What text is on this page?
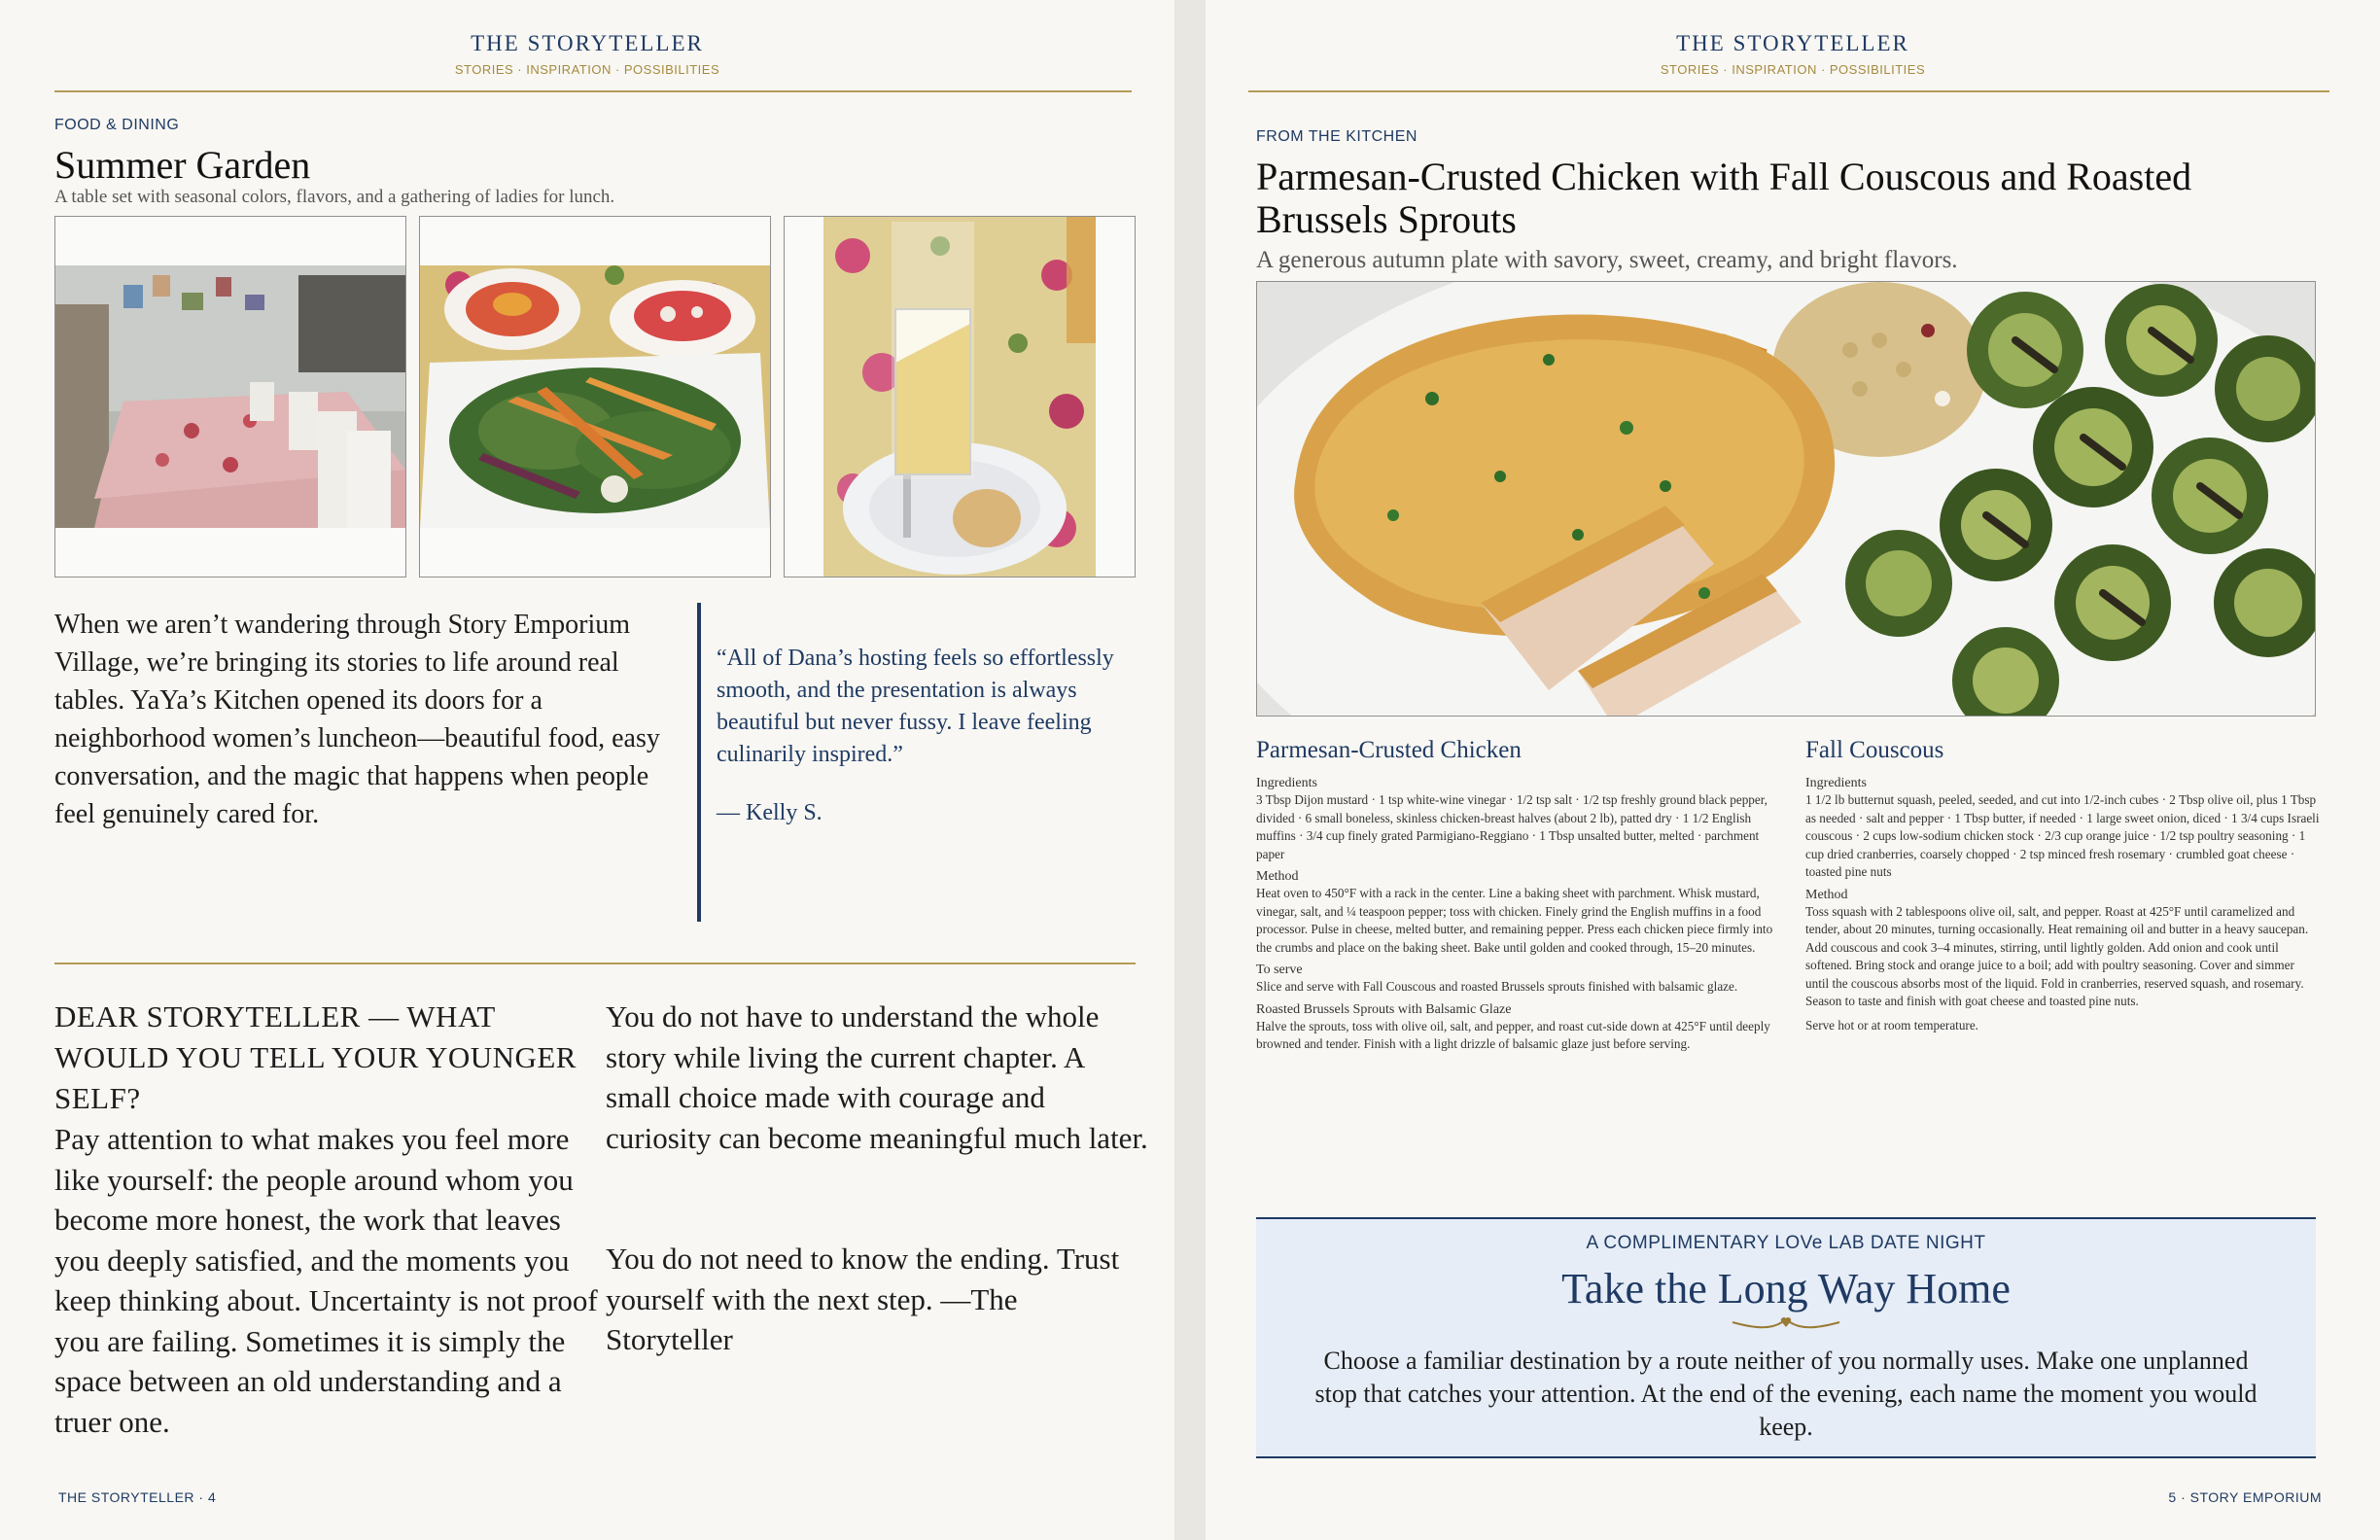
THE STORYTELLER
STORIES · INSPIRATION · POSSIBILITIES
FOOD & DINING
Summer Garden
A table set with seasonal colors, flavors, and a gathering of ladies for lunch.
When we aren’t wandering through Story Emporium Village, we’re bringing its stories to life around real tables. YaYa’s Kitchen opened its doors for a neighborhood women’s luncheon—beautiful food, easy conversation, and the magic that happens when people feel genuinely cared for.
“All of Dana’s hosting feels so effortlessly smooth, and the presentation is always beautiful but never fussy. I leave feeling culinarily inspired.”
— Kelly S.
DEAR STORYTELLER — WHAT WOULD YOU TELL YOUR YOUNGER SELF?
Pay attention to what makes you feel more like yourself: the people around whom you become more honest, the work that leaves you deeply satisfied, and the moments you keep thinking about. Uncertainty is not proof you are failing. Sometimes it is simply the space between an old understanding and a truer one.
You do not have to understand the whole story while living the current chapter. A small choice made with courage and curiosity can become meaningful much later.
You do not need to know the ending. Trust yourself with the next step. —The Storyteller
THE STORYTELLER · 4
THE STORYTELLER
STORIES · INSPIRATION · POSSIBILITIES
FROM THE KITCHEN
Parmesan-Crusted Chicken with Fall Couscous and Roasted Brussels Sprouts
A generous autumn plate with savory, sweet, creamy, and bright flavors.
Parmesan-Crusted Chicken
Ingredients
3 Tbsp Dijon mustard · 1 tsp white-wine vinegar · 1/2 tsp salt · 1/2 tsp freshly ground black pepper, divided · 6 small boneless, skinless chicken-breast halves (about 2 lb), patted dry · 1 1/2 English muffins · 3/4 cup finely grated Parmigiano-Reggiano · 1 Tbsp unsalted butter, melted · parchment paper
Method
Heat oven to 450°F with a rack in the center. Line a baking sheet with parchment. Whisk mustard, vinegar, salt, and ¼ teaspoon pepper; toss with chicken. Finely grind the English muffins in a food processor. Pulse in cheese, melted butter, and remaining pepper. Press each chicken piece firmly into the crumbs and place on the baking sheet. Bake until golden and cooked through, 15–20 minutes.
To serve
Slice and serve with Fall Couscous and roasted Brussels sprouts finished with balsamic glaze.
Roasted Brussels Sprouts with Balsamic Glaze
Halve the sprouts, toss with olive oil, salt, and pepper, and roast cut-side down at 425°F until deeply browned and tender. Finish with a light drizzle of balsamic glaze just before serving.
Fall Couscous
Ingredients
1 1/2 lb butternut squash, peeled, seeded, and cut into 1/2-inch cubes · 2 Tbsp olive oil, plus 1 Tbsp as needed · salt and pepper · 1 Tbsp butter, if needed · 1 large sweet onion, diced · 1 3/4 cups Israeli couscous · 2 cups low-sodium chicken stock · 2/3 cup orange juice · 1/2 tsp poultry seasoning · 1 cup dried cranberries, coarsely chopped · 2 tsp minced fresh rosemary · crumbled goat cheese · toasted pine nuts
Method
Toss squash with 2 tablespoons olive oil, salt, and pepper. Roast at 425°F until caramelized and tender, about 20 minutes, turning occasionally. Heat remaining oil and butter in a heavy saucepan. Add couscous and cook 3–4 minutes, stirring, until lightly golden. Add onion and cook until softened. Bring stock and orange juice to a boil; add with poultry seasoning. Cover and simmer until the couscous absorbs most of the liquid. Fold in cranberries, reserved squash, and rosemary. Season to taste and finish with goat cheese and toasted pine nuts.
Serve hot or at room temperature.
A COMPLIMENTARY LOVe LAB DATE NIGHT
Take the Long Way Home
Choose a familiar destination by a route neither of you normally uses. Make one unplanned stop that catches your attention. At the end of the evening, each name the moment you would keep.
5 · STORY EMPORIUM
